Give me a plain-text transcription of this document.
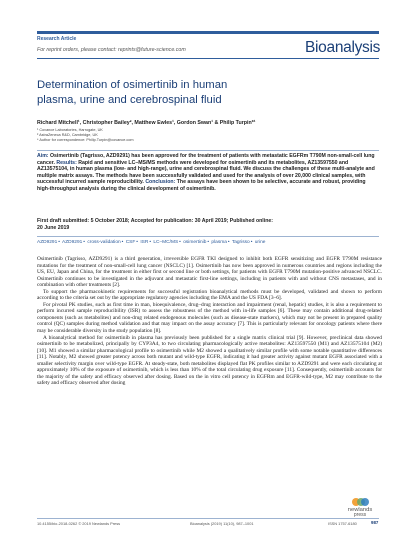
Research Article
For reprint orders, please contact: reprints@future-science.com	Bioanalysis
Determination of osimertinib in human
plasma, urine and cerebrospinal fluid
Richard Mitchell¹, Christopher Bailey², Matthew Ewles¹, Gordon Swan¹ & Philip Turpin*¹
¹ Covance Laboratories, Harrogate, UK
² AstraZeneca R&D, Cambridge, UK
* Author for correspondence: Philip.Turpin@covance.com
Aim: Osimertinib (Tagrisso, AZD9291) has been approved for the treatment of patients with metastatic EGFRm T790M non-small-cell lung cancer. Results: Rapid and sensitive LC–MS/MS methods were developed for osimertinib and its metabolites, AZ13597550 and AZ13575104, in human plasma (low- and high-range), urine and cerebrospinal fluid. We discuss the challenges of these multi-analyte and multiple matrix assays. The methods have been successfully validated and used for the analysis of over 20,000 clinical samples, with successful incurred sample reproducibility. Conclusion: The assays have been shown to be selective, accurate and robust, providing high-throughput analysis during the clinical development of osimertinib.
First draft submitted: 5 October 2018; Accepted for publication: 30 April 2019; Published online:
20 June 2019
AZD9291• AZD9291• cross-validation• CSF• ISR• LC–MC/MS• osimertinib• plasma• Tagrisso• urine

Osimertinib (Tagrisso, AZD9291) is a third generation, irreversible EGFR TKI designed to inhibit both EGFR sensitizing and EGFR T790M resistance mutations for the treatment of non-small-cell lung cancer (NSCLC) [1]. Osimertinib has now been approved in numerous countries and regions including the US, EU, Japan and China, for the treatment in either first or second line or both settings, for patients with EGFR T790M mutation-positive advanced NSCLC. Osimertinib continues to be investigated in the adjuvant and metastatic first-line settings, including in patients with and without CNS metastases, and in combination with other treatments [2].

To support the pharmacokinetic requirements for successful registration bioanalytical methods must be developed, validated and shown to perform according to the criteria set out by the appropriate regulatory agencies including the EMA and the US FDA [3–6].

For pivotal PK studies, such as first time in man, bioequivalence, drug–drug interaction and impairment (renal, hepatic) studies, it is also a requirement to perform incurred sample reproducibility (ISR) to assess the robustness of the method with in-life samples [6]. These may contain additional drug-related components (such as metabolites) and non-drug related endogenous molecules (such as disease-state markers), which may not be present in prepared quality control (QC) samples during method validation and that may impact on the assay accuracy [7]. This is particularly relevant for oncology patients where there may be considerable diversity in the study population [8].

A bioanalytical method for osimertinib in plasma has previously been published for a single matrix clinical trial [9]. However, preclinical data showed osimertinib to be metabolized, principally by CYP3A4, to two circulating pharmacologically active metabolites: AZ13597550 (M1) and AZ13575104 (M2) [10]. M1 showed a similar pharmacological profile to osimertinib while M2 showed a qualitatively similar profile with some notable quantitative differences [11]. Notably, M2 showed greater potency across both mutant and wild-type EGFR, indicating it had greater activity against mutant EGFR associated with a smaller selectivity margin over wild-type EGFR. At steady-state, both metabolites displayed flat PK profiles similar to AZD9291 and were each circulating at approximately 10% of the exposure of osimertinib, which is less than 10% of the total circulating drug exposure [11]. Consequently, osimertinib accounts for the majority of the safety and efficacy observed after dosing. Based on the in vitro cell potency in EGFRm and EGFR-wild-type, M2 may contribute to the safety and efficacy observed after dosing

newlands
press
10.4155/bio-2018-0262 © 2019 Newlands Press	Bioanalysis (2019) 11(10), 987–1001	ISSN 1757-6180	987
